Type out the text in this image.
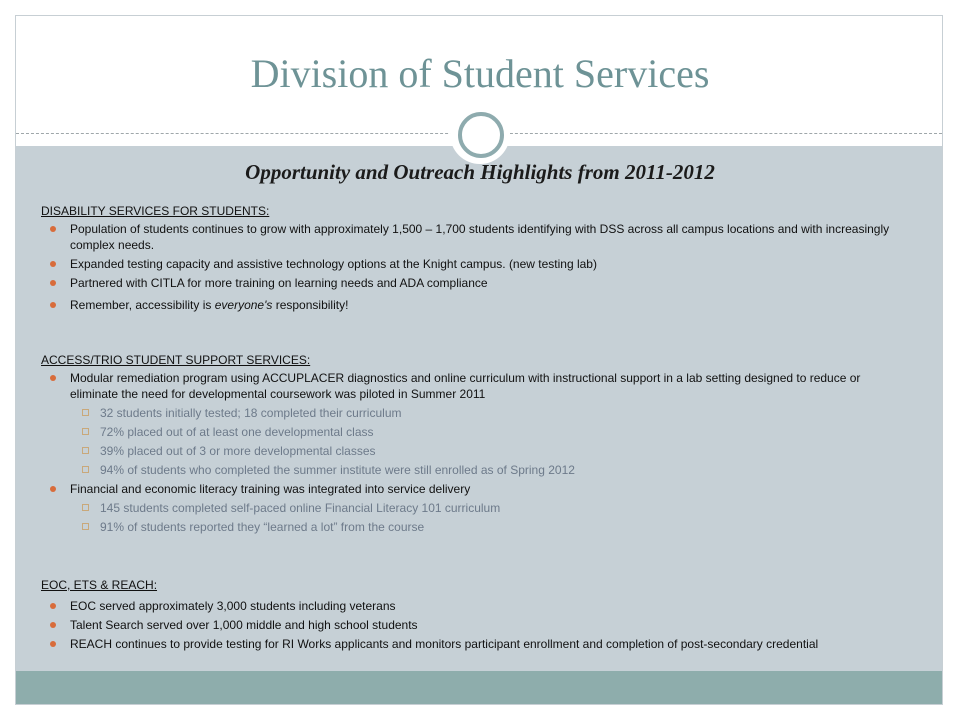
Division of Student Services
Opportunity and Outreach Highlights from 2011-2012
DISABILITY SERVICES FOR STUDENTS:
Population of students continues to grow with approximately 1,500 – 1,700 students identifying with DSS across all campus locations and with increasingly complex needs.
Expanded testing capacity and assistive technology options at the Knight campus. (new testing lab)
Partnered with CITLA for more training on learning needs and ADA compliance
Remember, accessibility is everyone's responsibility!
ACCESS/TRIO STUDENT SUPPORT SERVICES:
Modular remediation program using ACCUPLACER diagnostics and online curriculum with instructional support in a lab setting designed to reduce or eliminate the need for developmental coursework was piloted in Summer 2011
32 students initially tested; 18 completed their curriculum
72% placed out of at least one developmental class
39% placed out of 3 or more developmental classes
94% of students who completed the summer institute were still enrolled as of Spring 2012
Financial and economic literacy training was integrated into service delivery
145 students completed self-paced online Financial Literacy 101 curriculum
91% of students reported they “learned a lot” from the course
EOC, ETS & REACH:
EOC served approximately 3,000 students including veterans
Talent Search served over 1,000 middle and high school students
REACH continues to provide testing for RI Works applicants and monitors participant enrollment and completion of post-secondary credential
